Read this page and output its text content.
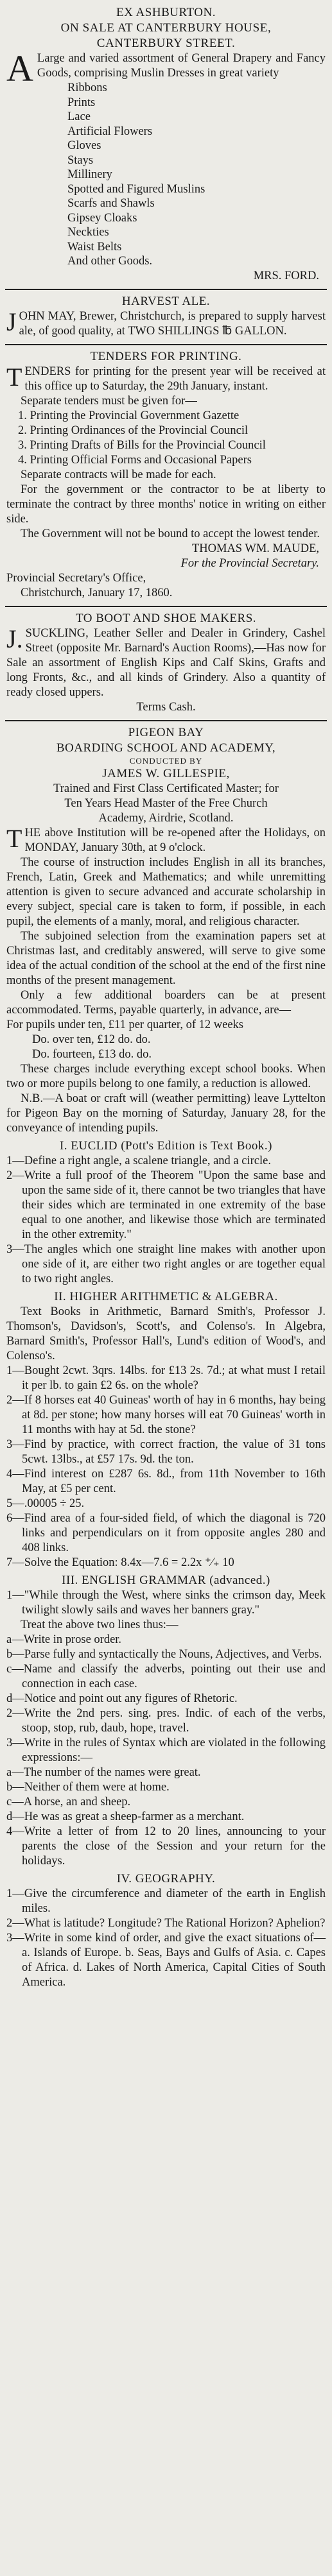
EX ASHBURTON.
ON SALE AT CANTERBURY HOUSE,
CANTERBURY STREET.
A Large and varied assortment of General Drapery and Fancy Goods, comprising Muslin Dresses in great variety
Ribbons
Prints
Lace
Artificial Flowers
Gloves
Stays
Millinery
Spotted and Figured Muslins
Scarfs and Shawls
Gipsey Cloaks
Neckties
Waist Belts
And other Goods.
MRS. FORD.
HARVEST ALE.
J OHN MAY, Brewer, Christchurch, is prepared to supply harvest ale, of good quality, at TWO SHILLINGS ℔ GALLON.
TENDERS FOR PRINTING.
T ENDERS for printing for the present year will be received at this office up to Saturday, the 29th January, instant.
Separate tenders must be given for—
1. Printing the Provincial Government Gazette
2. Printing Ordinances of the Provincial Council
3. Printing Drafts of Bills for the Provincial Council
4. Printing Official Forms and Occasional Papers
Separate contracts will be made for each.
For the government or the contractor to be at liberty to terminate the contract by three months' notice in writing on either side.
The Government will not be bound to accept the lowest tender.
THOMAS WM. MAUDE,
For the Provincial Secretary.
Provincial Secretary's Office,
Christchurch, January 17, 1860.
TO BOOT AND SHOE MAKERS.
J. SUCKLING, Leather Seller and Dealer in Grindery, Cashel Street (opposite Mr. Barnard's Auction Rooms),—Has now for Sale an assortment of English Kips and Calf Skins, Grafts and long Fronts, &c., and all kinds of Grindery. Also a quantity of ready closed uppers.
Terms Cash.
PIGEON BAY
BOARDING SCHOOL AND ACADEMY,
CONDUCTED BY
JAMES W. GILLESPIE,
Trained and First Class Certificated Master; for
Ten Years Head Master of the Free Church
Academy, Airdrie, Scotland.
T HE above Institution will be re-opened after the Holidays, on MONDAY, January 30th, at 9 o'clock.
The course of instruction includes English in all its branches, French, Latin, Greek and Mathematics; and while unremitting attention is given to secure advanced and accurate scholarship in every subject, special care is taken to form, if possible, in each pupil, the elements of a manly, moral, and religious character.
The subjoined selection from the examination papers set at Christmas last, and creditably answered, will serve to give some idea of the actual condition of the school at the end of the first nine months of the present management.
Only a few additional boarders can be at present accommodated. Terms, payable quarterly, in advance, are—
For pupils under ten, £11 per quarter, of 12 weeks
Do. over ten, £12 do. do.
Do. fourteen, £13 do. do.
These charges include everything except school books. When two or more pupils belong to one family, a reduction is allowed.
N.B.—A boat or craft will (weather permitting) leave Lyttelton for Pigeon Bay on the morning of Saturday, January 28, for the conveyance of intending pupils.
I. EUCLID (Pott's Edition is Text Book.)
1—Define a right angle, a scalene triangle, and a circle.
2—Write a full proof of the Theorem "Upon the same base and upon the same side of it, there cannot be two triangles that have their sides which are terminated in one extremity of the base equal to one another, and likewise those which are terminated in the other extremity."
3—The angles which one straight line makes with another upon one side of it, are either two right angles or are together equal to two right angles.
II. HIGHER ARITHMETIC & ALGEBRA.
Text Books in Arithmetic, Barnard Smith's, Professor J. Thomson's, Davidson's, Scott's, and Colenso's. In Algebra, Barnard Smith's, Professor Hall's, Lund's edition of Wood's, and Colenso's.
1—Bought 2cwt. 3qrs. 14lbs. for £13 2s. 7d.; at what must I retail it per lb. to gain £2 6s. on the whole?
2—If 8 horses eat 40 Guineas' worth of hay in 6 months, hay being at 8d. per stone; how many horses will eat 70 Guineas' worth in 11 months with hay at 5d. the stone?
3—Find by practice, with correct fraction, the value of 31 tons 5cwt. 13lbs., at £57 17s. 9d. the ton.
4—Find interest on £287 6s. 8d., from 11th November to 16th May, at £5 per cent.
5—.00005 ÷ 25.
6—Find area of a four-sided field, of which the diagonal is 720 links and perpendiculars on it from opposite angles 280 and 408 links.
7—Solve the Equation: 8.4x—7.6 = 2.2x ⁺⁄₊ 10
III. ENGLISH GRAMMAR (advanced.)
1—"While through the West, where sinks the crimson day, Meek twilight slowly sails and waves her banners gray."
Treat the above two lines thus:—
a—Write in prose order.
b—Parse fully and syntactically the Nouns, Adjectives, and Verbs.
c—Name and classify the adverbs, pointing out their use and connection in each case.
d—Notice and point out any figures of Rhetoric.
2—Write the 2nd pers. sing. pres. Indic. of each of the verbs, stoop, stop, rub, daub, hope, travel.
3—Write in the rules of Syntax which are violated in the following expressions:—
a—The number of the names were great.
b—Neither of them were at home.
c—A horse, an and sheep.
d—He was as great a sheep-farmer as a merchant.
4—Write a letter of from 12 to 20 lines, announcing to your parents the close of the Session and your return for the holidays.
IV. GEOGRAPHY.
1—Give the circumference and diameter of the earth in English miles.
2—What is latitude? Longitude? The Rational Horizon? Aphelion?
3—Write in some kind of order, and give the exact situations of—a. Islands of Europe. b. Seas, Bays and Gulfs of Asia. c. Capes of Africa. d. Lakes of North America, Capital Cities of South America.
